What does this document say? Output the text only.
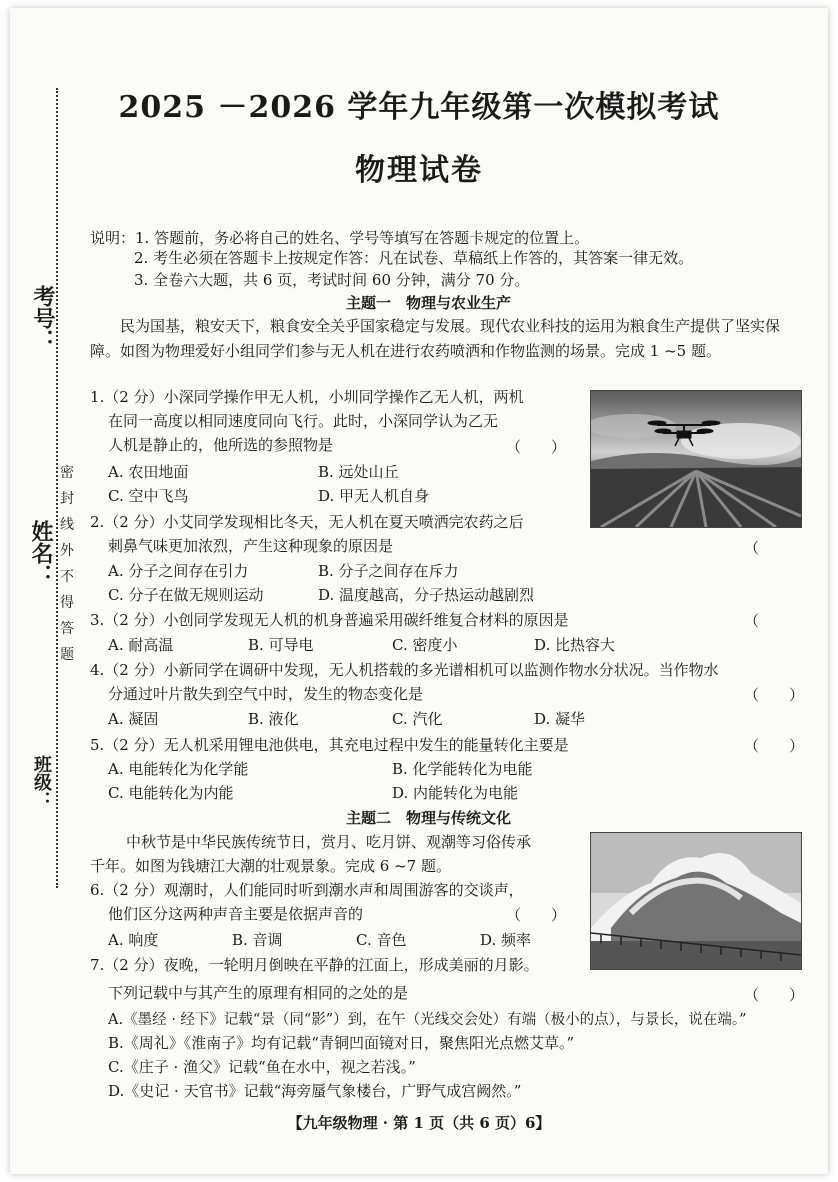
考号：
姓名：
班级：
密
封
线
外
不
得
答
题
2025 －2026 学年九年级第一次模拟考试
物理试卷
说明：1. 答题前，务必将自己的姓名、学号等填写在答题卡规定的位置上。
2. 考生必须在答题卡上按规定作答：凡在试卷、草稿纸上作答的，其答案一律无效。
3. 全卷六大题，共 6 页，考试时间 60 分钟，满分 70 分。
主题一　物理与农业生产
民为国基，粮安天下，粮食安全关乎国家稳定与发展。现代农业科技的运用为粮食生产提供了坚实保障。如图为物理爱好小组同学们参与无人机在进行农药喷洒和作物监测的场景。完成 1 ~5 题。
1.（2 分）小深同学操作甲无人机，小圳同学操作乙无人机，两机
在同一高度以相同速度同向飞行。此时，小深同学认为乙无
人机是静止的，他所选的参照物是	（　　）
A. 农田地面	B. 远处山丘
C. 空中飞鸟	D. 甲无人机自身
2.（2 分）小艾同学发现相比冬天，无人机在夏天喷洒完农药之后
刺鼻气味更加浓烈，产生这种现象的原因是	（
A. 分子之间存在引力	B. 分子之间存在斥力
C. 分子在做无规则运动	D. 温度越高，分子热运动越剧烈
3.（2 分）小创同学发现无人机的机身普遍采用碳纤维复合材料的原因是	（
A. 耐高温	B. 可导电	C. 密度小	D. 比热容大
4.（2 分）小新同学在调研中发现，无人机搭载的多光谱相机可以监测作物水分状况。当作物水
分通过叶片散失到空气中时，发生的物态变化是	（　　）
A. 凝固	B. 液化	C. 汽化	D. 凝华
5.（2 分）无人机采用锂电池供电，其充电过程中发生的能量转化主要是	（　　）
A. 电能转化为化学能	B. 化学能转化为电能
C. 电能转化为内能	D. 内能转化为电能
主题二　物理与传统文化
中秋节是中华民族传统节日，赏月、吃月饼、观潮等习俗传承
千年。如图为钱塘江大潮的壮观景象。完成 6 ~7 题。
6.（2 分）观潮时，人们能同时听到潮水声和周围游客的交谈声，
他们区分这两种声音主要是依据声音的	（　　）
A. 响度	B. 音调	C. 音色	D. 频率
7.（2 分）夜晚，一轮明月倒映在平静的江面上，形成美丽的月影。
下列记载中与其产生的原理有相同的之处的是	（　　）
A.《墨经 · 经下》记载“景（同“影”）到，在午（光线交会处）有端（极小的点），与景长，说在端。”
B.《周礼》《淮南子》均有记载“青铜凹面镜对日，聚焦阳光点燃艾草。”
C.《庄子 · 渔父》记载“鱼在水中，视之若浅。”
D.《史记 · 天官书》记载“海旁蜃气象楼台，广野气成宫阙然。”
【九年级物理 · 第 1 页（共 6 页）6】
